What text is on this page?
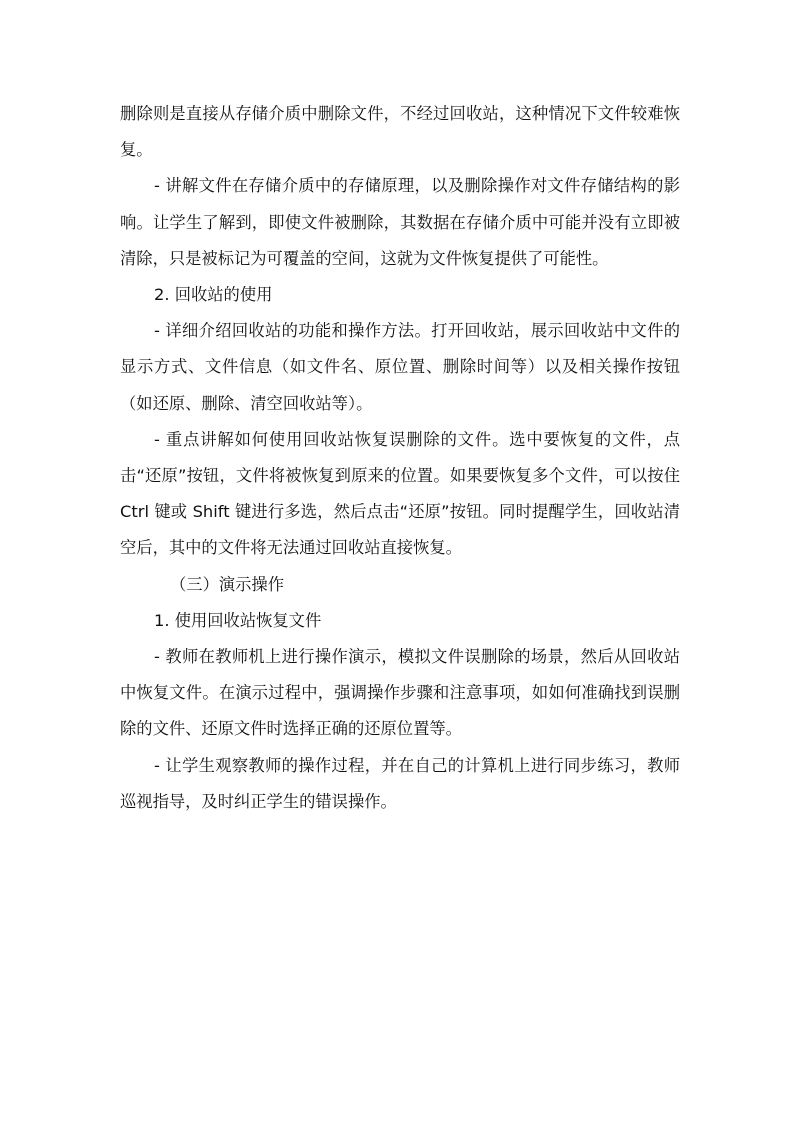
删除则是直接从存储介质中删除文件，不经过回收站，这种情况下文件较难恢复。

- 讲解文件在存储介质中的存储原理，以及删除操作对文件存储结构的影响。让学生了解到，即使文件被删除，其数据在存储介质中可能并没有立即被清除，只是被标记为可覆盖的空间，这就为文件恢复提供了可能性。

2. 回收站的使用

- 详细介绍回收站的功能和操作方法。打开回收站，展示回收站中文件的显示方式、文件信息（如文件名、原位置、删除时间等）以及相关操作按钮（如还原、删除、清空回收站等）。

- 重点讲解如何使用回收站恢复误删除的文件。选中要恢复的文件，点击“还原”按钮，文件将被恢复到原来的位置。如果要恢复多个文件，可以按住 Ctrl 键或 Shift 键进行多选，然后点击“还原”按钮。同时提醒学生，回收站清空后，其中的文件将无法通过回收站直接恢复。

（三）演示操作

1. 使用回收站恢复文件

- 教师在教师机上进行操作演示，模拟文件误删除的场景，然后从回收站中恢复文件。在演示过程中，强调操作步骤和注意事项，如如何准确找到误删除的文件、还原文件时选择正确的还原位置等。

- 让学生观察教师的操作过程，并在自己的计算机上进行同步练习，教师巡视指导，及时纠正学生的错误操作。
